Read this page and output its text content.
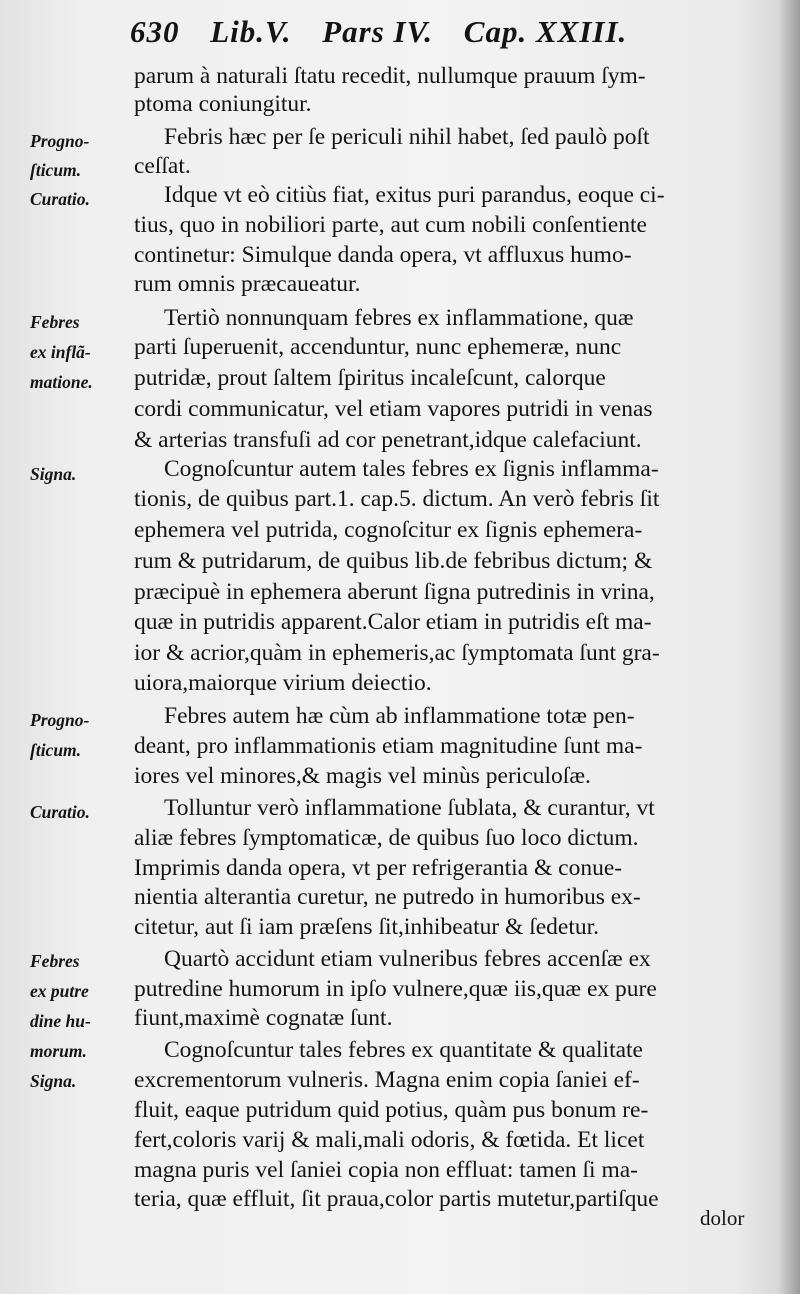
630 Lib.V. Pars IV. Cap. XXIII.
parum à naturali ſtatu recedit, nullumque prauum ſym-
ptoma coniungitur.
Febris hæc per ſe periculi nihil habet, ſed paulò poſt
ceſſat.
Idque vt eò citiùs fiat, exitus puri parandus, eoque ci-
tius, quo in nobiliori parte, aut cum nobili conſentiente
continetur: Simulque danda opera, vt affluxus humo-
rum omnis præcaueatur.
Tertiò nonnunquam febres ex inflammatione, quæ
parti ſuperuenit, accenduntur, nunc ephemeræ, nunc
putridæ, prout ſaltem ſpiritus incaleſcunt, calorque
cordi communicatur, vel etiam vapores putridi in venas
& arterias transfuſi ad cor penetrant,idque calefaciunt.
Cognoſcuntur autem tales febres ex ſignis inflamma-
tionis, de quibus part.1. cap.5. dictum. An verò febris ſit
ephemera vel putrida, cognoſcitur ex ſignis ephemera-
rum & putridarum, de quibus lib.de febribus dictum; &
præcipuè in ephemera aberunt ſigna putredinis in vrina,
quæ in putridis apparent.Calor etiam in putridis eſt ma-
ior & acrior,quàm in ephemeris,ac ſymptomata ſunt gra-
uiora,maiorque virium deiectio.
Febres autem hæ cùm ab inflammatione totæ pen-
deant, pro inflammationis etiam magnitudine ſunt ma-
iores vel minores,& magis vel minùs periculoſæ.
Tolluntur verò inflammatione ſublata, & curantur, vt
aliæ febres ſymptomaticæ, de quibus ſuo loco dictum.
Imprimis danda opera, vt per refrigerantia & conue-
nientia alterantia curetur, ne putredo in humoribus ex-
citetur, aut ſi iam præſens ſit,inhibeatur & ſedetur.
Quartò accidunt etiam vulneribus febres accenſæ ex
putredine humorum in ipſo vulnere,quæ iis,quæ ex pure
fiunt,maximè cognatæ ſunt.
Cognoſcuntur tales febres ex quantitate & qualitate
excrementorum vulneris. Magna enim copia ſaniei ef-
fluit, eaque putridum quid potius, quàm pus bonum re-
fert,coloris varij & mali,mali odoris, & fœtida. Et licet
magna puris vel ſaniei copia non effluat: tamen ſi ma-
teria, quæ effluit, ſit praua,color partis mutetur,partiſque
dolor
Progno-
ſticum.
Curatio.
Febres
ex inflã-
matione.
Signa.
Progno-
ſticum.
Curatio.
Febres
ex putre
dine hu-
morum.
Signa.
